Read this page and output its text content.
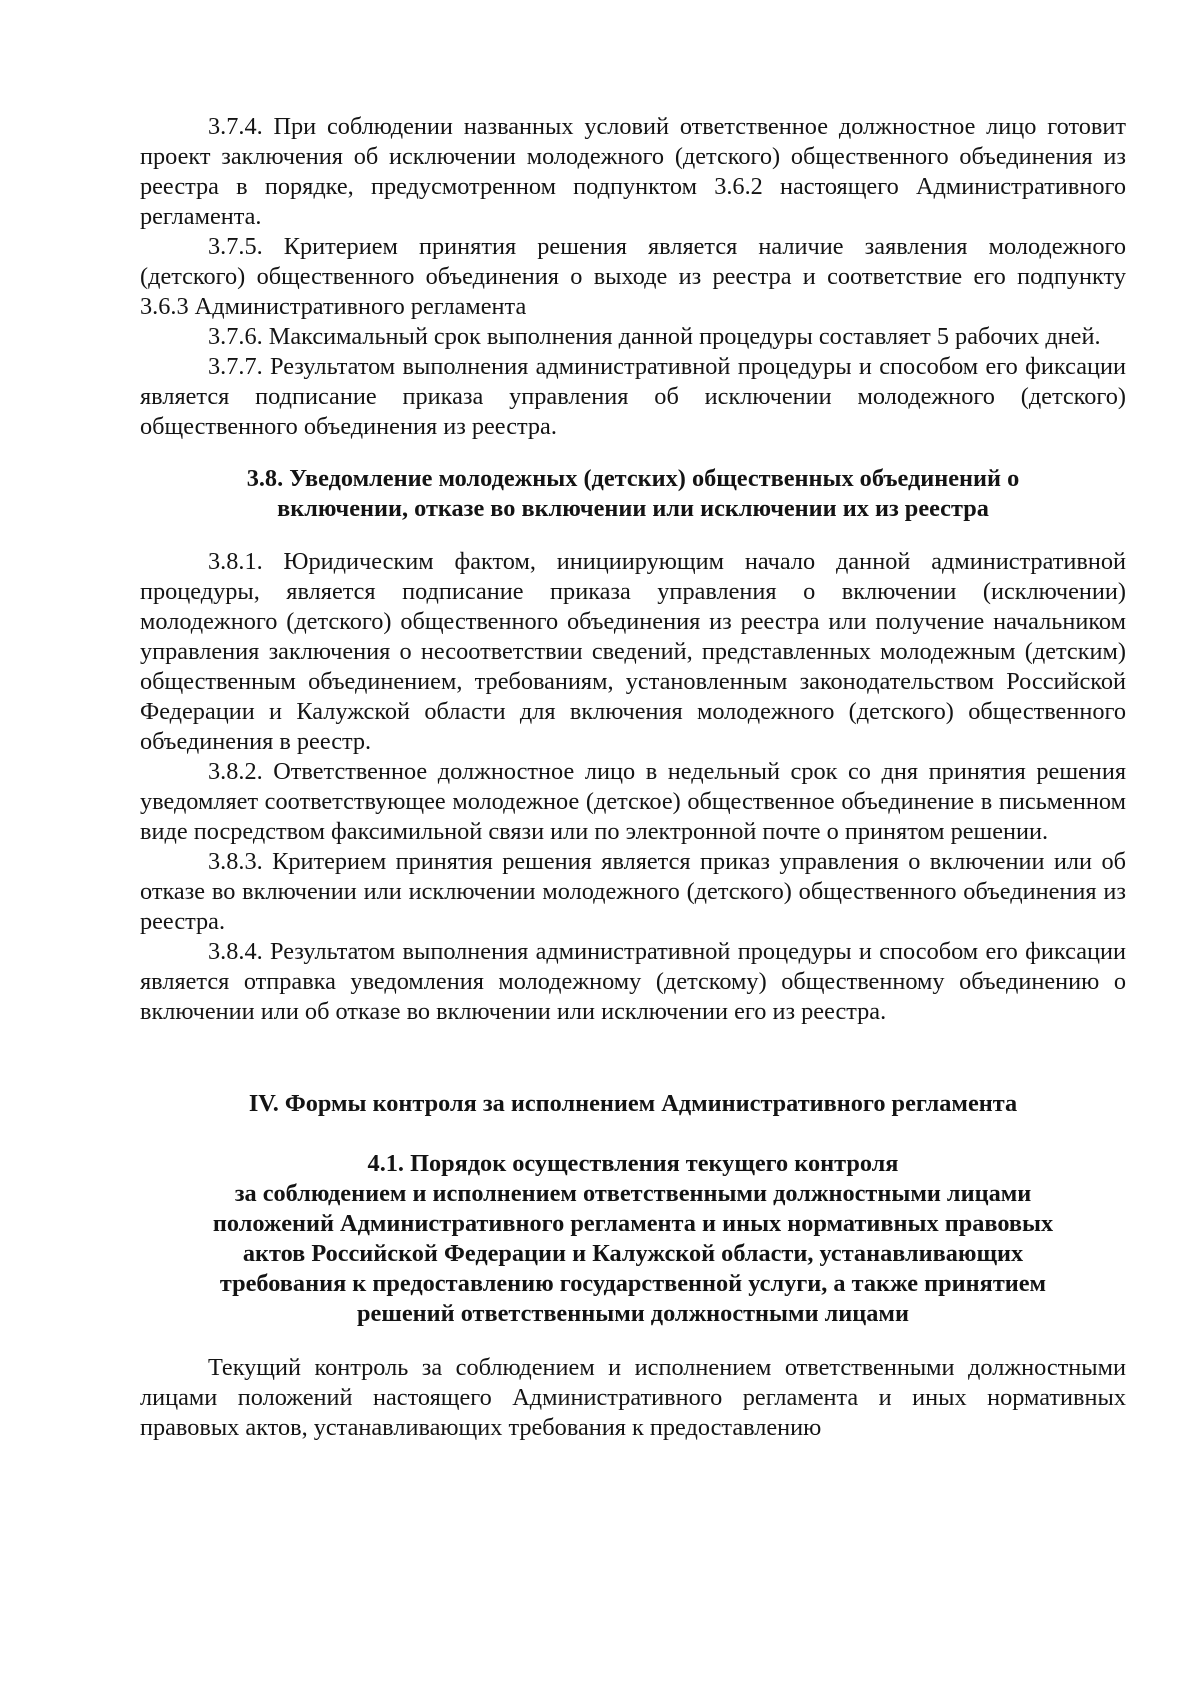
3.7.4. При соблюдении названных условий ответственное должностное лицо готовит проект заключения об исключении молодежного (детского) общественного объединения из реестра в порядке, предусмотренном подпунктом 3.6.2 настоящего Административного регламента.

3.7.5. Критерием принятия решения является наличие заявления молодежного (детского) общественного объединения о выходе из реестра и соответствие его подпункту 3.6.3 Административного регламента

3.7.6. Максимальный срок выполнения данной процедуры составляет 5 рабочих дней.

3.7.7. Результатом выполнения административной процедуры и способом его фиксации является подписание приказа управления об исключении молодежного (детского) общественного объединения из реестра.

3.8. Уведомление молодежных (детских) общественных объединений о
включении, отказе во включении или исключении их из реестра

3.8.1. Юридическим фактом, инициирующим начало данной административной процедуры, является подписание приказа управления о включении (исключении) молодежного (детского) общественного объединения из реестра или получение начальником управления заключения о несоответствии сведений, представленных молодежным (детским) общественным объединением, требованиям, установленным законодательством Российской Федерации и Калужской области для включения молодежного (детского) общественного объединения в реестр.

3.8.2. Ответственное должностное лицо в недельный срок со дня принятия решения уведомляет соответствующее молодежное (детское) общественное объединение в письменном виде посредством факсимильной связи или по электронной почте о принятом решении.

3.8.3. Критерием принятия решения является приказ управления о включении или об отказе во включении или исключении молодежного (детского) общественного объединения из реестра.

3.8.4. Результатом выполнения административной процедуры и способом его фиксации является отправка уведомления молодежному (детскому) общественному объединению о включении или об отказе во включении или исключении его из реестра.

IV. Формы контроля за исполнением Административного регламента
4.1. Порядок осуществления текущего контроля
за соблюдением и исполнением ответственными должностными лицами
положений Административного регламента и иных нормативных правовых
актов Российской Федерации и Калужской области, устанавливающих
требования к предоставлению государственной услуги, а также принятием
решений ответственными должностными лицами

Текущий контроль за соблюдением и исполнением ответственными должностными лицами положений настоящего Административного регламента и иных нормативных правовых актов, устанавливающих требования к предоставлению
